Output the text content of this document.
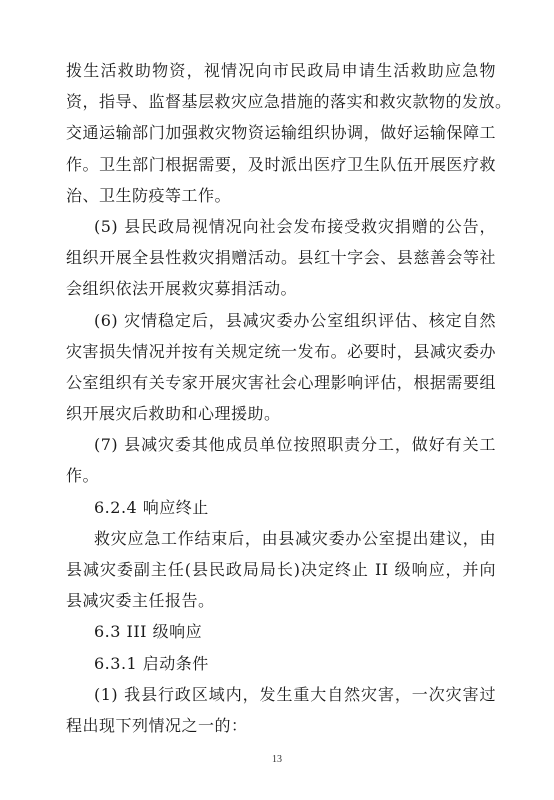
拨生活救助物资，视情况向市民政局申请生活救助应急物
资，指导、监督基层救灾应急措施的落实和救灾款物的发放。
交通运输部门加强救灾物资运输组织协调，做好运输保障工
作。卫生部门根据需要，及时派出医疗卫生队伍开展医疗救
治、卫生防疫等工作。
(5) 县民政局视情况向社会发布接受救灾捐赠的公告，
组织开展全县性救灾捐赠活动。县红十字会、县慈善会等社
会组织依法开展救灾募捐活动。
(6) 灾情稳定后，县减灾委办公室组织评估、核定自然
灾害损失情况并按有关规定统一发布。必要时，县减灾委办
公室组织有关专家开展灾害社会心理影响评估，根据需要组
织开展灾后救助和心理援助。
(7) 县减灾委其他成员单位按照职责分工，做好有关工
作。
6.2.4 响应终止
救灾应急工作结束后，由县减灾委办公室提出建议，由
县减灾委副主任(县民政局局长)决定终止 II 级响应，并向
县减灾委主任报告。
6.3 III 级响应
6.3.1 启动条件
(1) 我县行政区域内，发生重大自然灾害，一次灾害过
程出现下列情况之一的：
13
